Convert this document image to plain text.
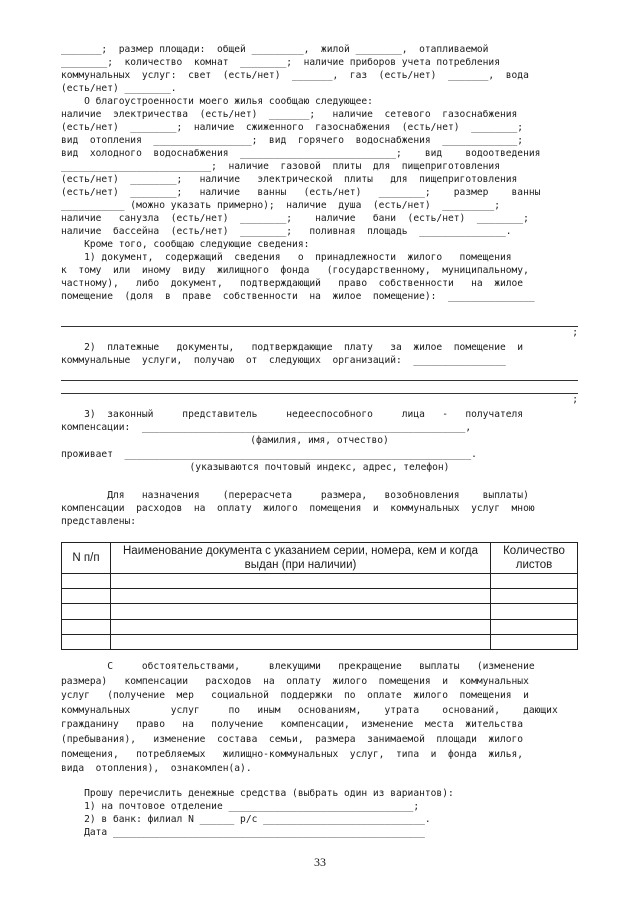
_______;  размер площади:  общей _________,  жилой ________,  отапливаемой
________;  количество  комнат  ________;  наличие приборов учета потребления
коммунальных  услуг:  свет  (есть/нет)  _______,  газ  (есть/нет)  _______,  вода
(есть/нет) ________.
О благоустроенности моего жилья сообщаю следующее:
наличие  электричества  (есть/нет)  _______;   наличие  сетевого  газоснабжения
(есть/нет)  ________;  наличие  сжиженного  газоснабжения  (есть/нет)  ________;
вид  отопления  _________________;  вид  горячего  водоснабжения  _____________;
вид  холодного  водоснабжения  ___________________________;    вид    водоотведения
__________________________;  наличие  газовой  плиты  для  пищеприготовления
(есть/нет)  ________;   наличие   электрической  плиты   для  пищеприготовления
(есть/нет)  ________;   наличие   ванны   (есть/нет)   ________;    размер    ванны
___________ (можно указать примерно);  наличие  душа  (есть/нет)  _________;
наличие   санузла  (есть/нет)  ________;    наличие   бани  (есть/нет)  ________;
наличие  бассейна  (есть/нет)  ________;   поливная  площадь  _______________.
Кроме того, сообщаю следующие сведения:
1) документ,  содержащий  сведения   о  принадлежности  жилого   помещения
к  тому  или  иному  виду  жилищного  фонда   (государственному,  муниципальному,
частному),   либо  документ,   подтверждающий   право  собственности   на  жилое
помещение  (доля  в  праве  собственности  на  жилое  помещение):  _______________
;
2)  платежные   документы,   подтверждающие  плату   за  жилое  помещение  и
коммунальные  услуги,  получаю  от  следующих  организаций:  ________________
;
3)  законный     представитель     недееспособного     лица   -   получателя
компенсации:  ________________________________________________________,
(фамилия, имя, отчество)
проживает  ____________________________________________________________.
(указываются почтовый индекс, адрес, телефон)
Для   назначения    (перерасчета     размера,   возобновления    выплаты)
компенсации  расходов  на  оплату  жилого  помещения  и  коммунальных  услуг  мною
представлены:
N п/п	Наименование документа с указанием серии, номера, кем и когда выдан (при наличии)	Количество листов

С     обстоятельствами,     влекущими   прекращение   выплаты   (изменение
размера)   компенсации   расходов  на  оплату  жилого  помещения  и  коммунальных
услуг   (получение  мер   социальной  поддержки  по  оплате  жилого  помещения  и
коммунальных       услуг     по   иным   основаниям,    утрата    оснований,    дающих
гражданину   право   на   получение   компенсации,  изменение  места  жительства
(пребывания),   изменение  состава  семьи,  размера  занимаемой  площади  жилого
помещения,   потребляемых   жилищно-коммунальных  услуг,  типа  и  фонда  жилья,
вида  отопления),  ознакомлен(а).
Прошу перечислить денежные средства (выбрать один из вариантов):
1) на почтовое отделение ________________________________;
2) в банк: филиал N ______ р/с ____________________________.
Дата ______________________________________________________
33
